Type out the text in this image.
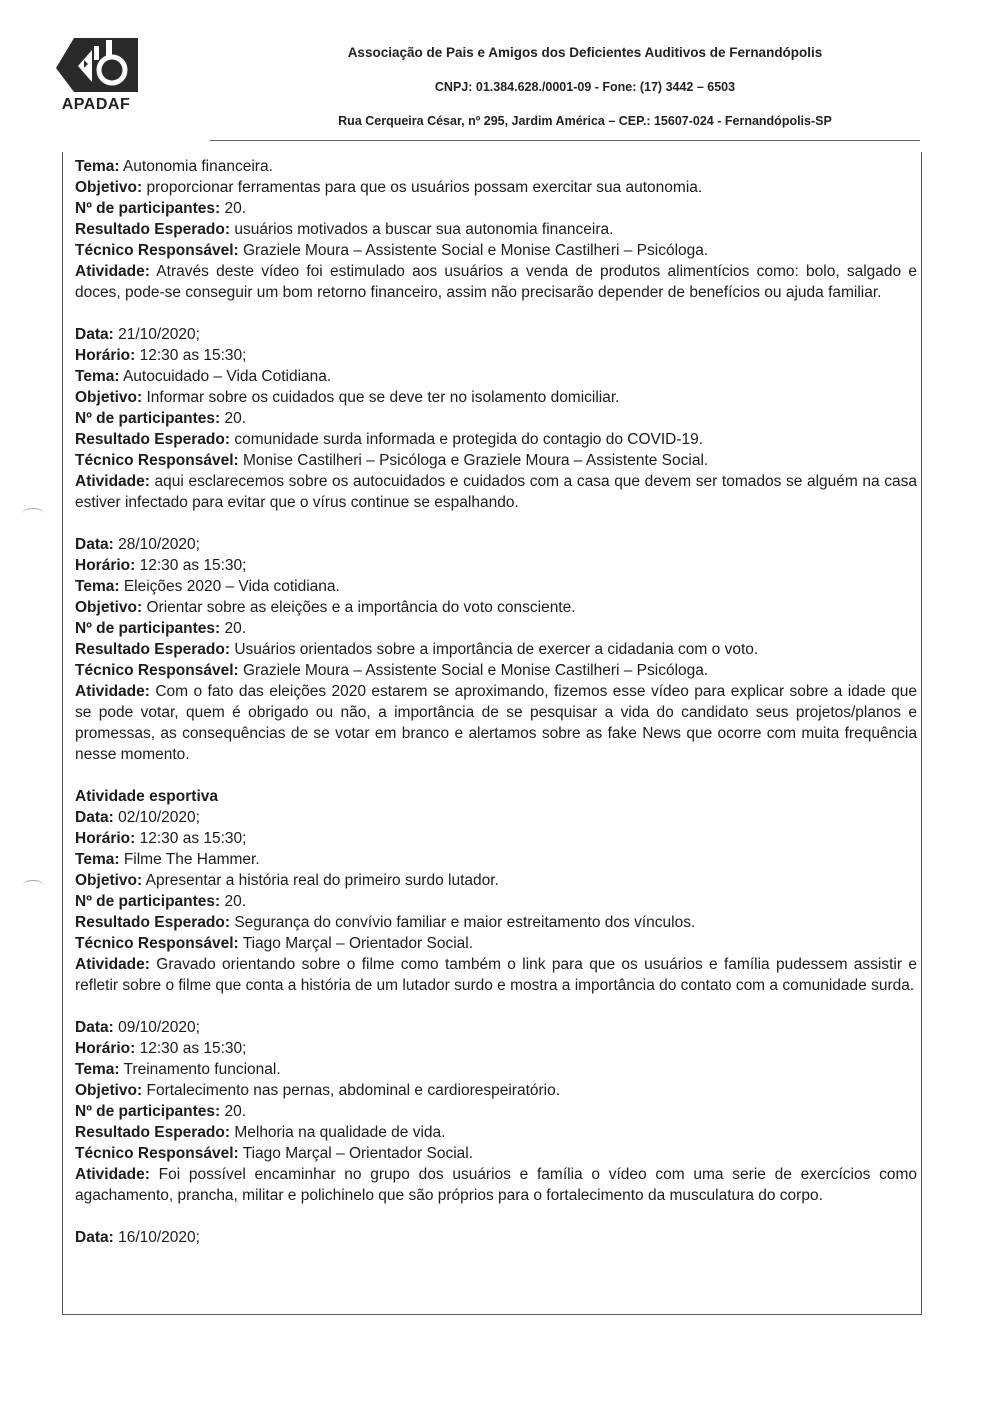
APADAF
Associação de Pais e Amigos dos Deficientes Auditivos de Fernandópolis
CNPJ: 01.384.628./0001-09 - Fone: (17) 3442 – 6503
Rua Cerqueira César, nº 295, Jardim América – CEP.: 15607-024 - Fernandópolis-SP

Tema: Autonomia financeira.

Objetivo: proporcionar ferramentas para que os usuários possam exercitar sua autonomia.

Nº de participantes: 20.

Resultado Esperado: usuários motivados a buscar sua autonomia financeira.

Técnico Responsável: Graziele Moura – Assistente Social e Monise Castilheri – Psicóloga.

Atividade: Através deste vídeo foi estimulado aos usuários a venda de produtos alimentícios como: bolo, salgado e doces, pode-se conseguir um bom retorno financeiro, assim não precisarão depender de benefícios ou ajuda familiar.

Data: 21/10/2020;

Horário: 12:30 as 15:30;

Tema: Autocuidado – Vida Cotidiana.

Objetivo: Informar sobre os cuidados que se deve ter no isolamento domiciliar.

Nº de participantes: 20.

Resultado Esperado: comunidade surda informada e protegida do contagio do COVID-19.

Técnico Responsável: Monise Castilheri – Psicóloga e Graziele Moura – Assistente Social.

Atividade: aqui esclarecemos sobre os autocuidados e cuidados com a casa que devem ser tomados se alguém na casa estiver infectado para evitar que o vírus continue se espalhando.

Data: 28/10/2020;

Horário: 12:30 as 15:30;

Tema: Eleições 2020 – Vida cotidiana.

Objetivo: Orientar sobre as eleições e a importância do voto consciente.

Nº de participantes: 20.

Resultado Esperado: Usuários orientados sobre a importância de exercer a cidadania com o voto.

Técnico Responsável: Graziele Moura – Assistente Social e Monise Castilheri – Psicóloga.

Atividade: Com o fato das eleições 2020 estarem se aproximando, fizemos esse vídeo para explicar sobre a idade que se pode votar, quem é obrigado ou não, a importância de se pesquisar a vida do candidato seus projetos/planos e promessas, as consequências de se votar em branco e alertamos sobre as fake News que ocorre com muita frequência nesse momento.

Atividade esportiva

Data: 02/10/2020;

Horário: 12:30 as 15:30;

Tema: Filme The Hammer.

Objetivo: Apresentar a história real do primeiro surdo lutador.

Nº de participantes: 20.

Resultado Esperado: Segurança do convívio familiar e maior estreitamento dos vínculos.

Técnico Responsável: Tiago Marçal – Orientador Social.

Atividade: Gravado orientando sobre o filme como também o link para que os usuários e família pudessem assistir e refletir sobre o filme que conta a história de um lutador surdo e mostra a importância do contato com a comunidade surda.

Data: 09/10/2020;

Horário: 12:30 as 15:30;

Tema: Treinamento funcional.

Objetivo: Fortalecimento nas pernas, abdominal e cardiorespeiratório.

Nº de participantes: 20.

Resultado Esperado: Melhoria na qualidade de vida.

Técnico Responsável: Tiago Marçal – Orientador Social.

Atividade: Foi possível encaminhar no grupo dos usuários e família o vídeo com uma serie de exercícios como agachamento, prancha, militar e polichinelo que são próprios para o fortalecimento da musculatura do corpo.

Data: 16/10/2020;
